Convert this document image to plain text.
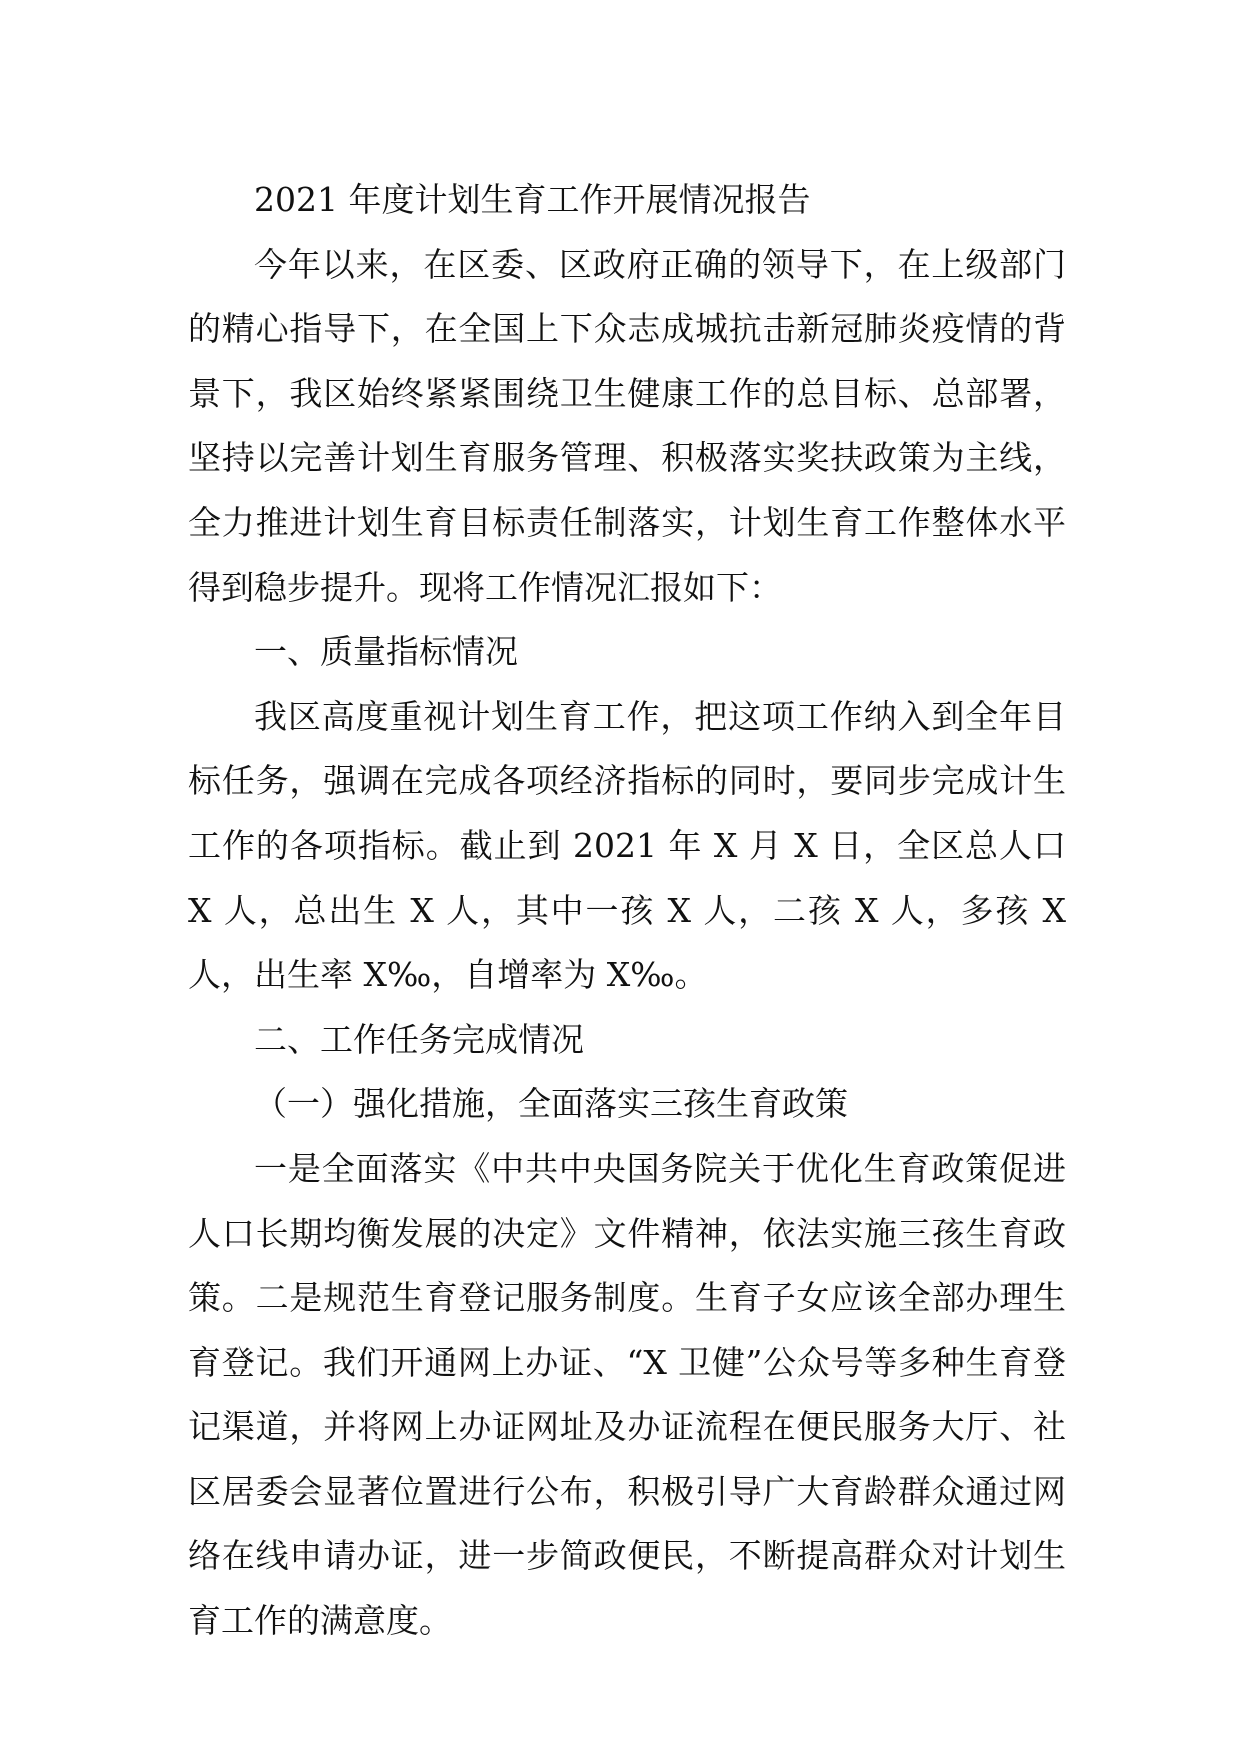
2021 年度计划生育工作开展情况报告

今年以来，在区委、区政府正确的领导下，在上级部门的精心指导下，在全国上下众志成城抗击新冠肺炎疫情的背景下，我区始终紧紧围绕卫生健康工作的总目标、总部署，坚持以完善计划生育服务管理、积极落实奖扶政策为主线，全力推进计划生育目标责任制落实，计划生育工作整体水平得到稳步提升。现将工作情况汇报如下：

一、质量指标情况

我区高度重视计划生育工作，把这项工作纳入到全年目标任务，强调在完成各项经济指标的同时，要同步完成计生工作的各项指标。截止到 2021 年 X 月 X 日，全区总人口 X 人，总出生 X 人，其中一孩 X 人，二孩 X 人，多孩 X 人，出生率 X‰，自增率为 X‰。

二、工作任务完成情况

（一）强化措施，全面落实三孩生育政策

一是全面落实《中共中央国务院关于优化生育政策促进人口长期均衡发展的决定》文件精神，依法实施三孩生育政策。二是规范生育登记服务制度。生育子女应该全部办理生育登记。我们开通网上办证、“X 卫健”公众号等多种生育登记渠道，并将网上办证网址及办证流程在便民服务大厅、社区居委会显著位置进行公布，积极引导广大育龄群众通过网络在线申请办证，进一步简政便民，不断提高群众对计划生育工作的满意度。
